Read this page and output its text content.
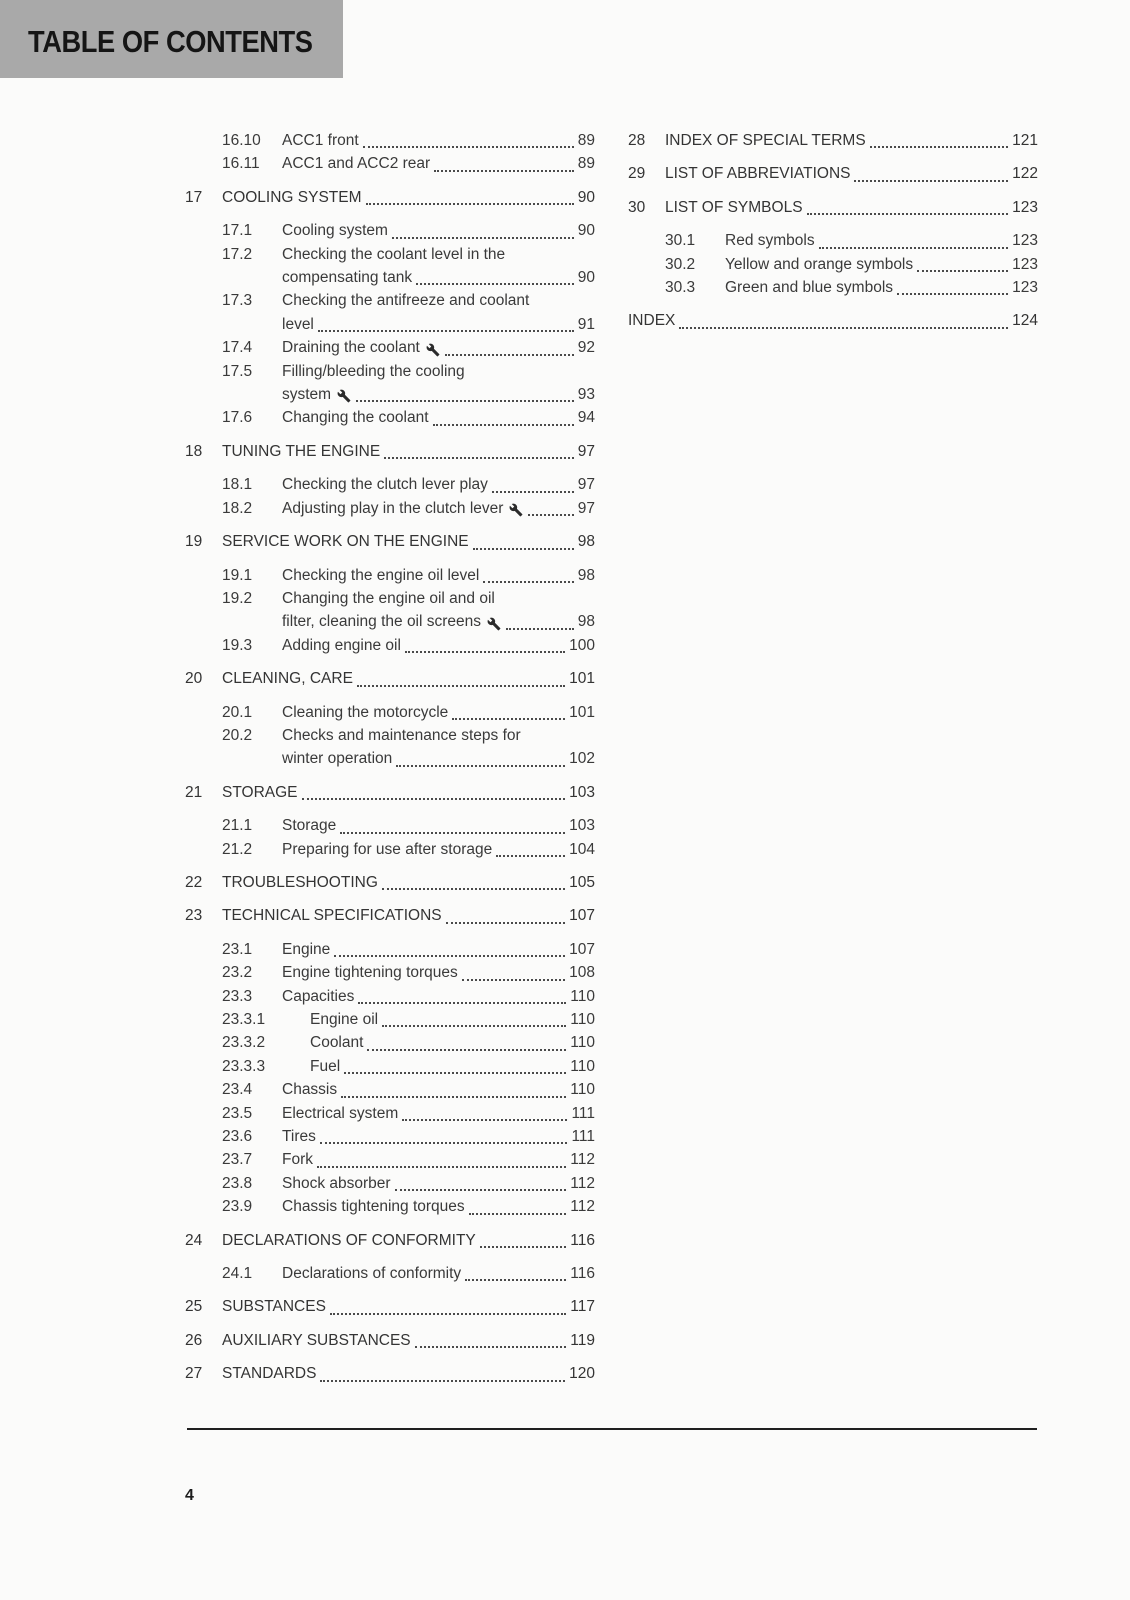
TABLE OF CONTENTS
16.10	ACC1 front	89
16.11	ACC1 and ACC2 rear	89
17	COOLING SYSTEM	90
17.1	Cooling system	90
17.2	Checking the coolant level in the
compensating tank	90
17.3	Checking the antifreeze and coolant
level	91
17.4	Draining the coolant	92
17.5	Filling/bleeding the cooling
system	93
17.6	Changing the coolant	94
18	TUNING THE ENGINE	97
18.1	Checking the clutch lever play	97
18.2	Adjusting play in the clutch lever	97
19	SERVICE WORK ON THE ENGINE	98
19.1	Checking the engine oil level	98
19.2	Changing the engine oil and oil
filter, cleaning the oil screens	98
19.3	Adding engine oil	100
20	CLEANING, CARE	101
20.1	Cleaning the motorcycle	101
20.2	Checks and maintenance steps for
winter operation	102
21	STORAGE	103
21.1	Storage	103
21.2	Preparing for use after storage	104
22	TROUBLESHOOTING	105
23	TECHNICAL SPECIFICATIONS	107
23.1	Engine	107
23.2	Engine tightening torques	108
23.3	Capacities	110
23.3.1	Engine oil	110
23.3.2	Coolant	110
23.3.3	Fuel	110
23.4	Chassis	110
23.5	Electrical system	111
23.6	Tires	111
23.7	Fork	112
23.8	Shock absorber	112
23.9	Chassis tightening torques	112
24	DECLARATIONS OF CONFORMITY	116
24.1	Declarations of conformity	116
25	SUBSTANCES	117
26	AUXILIARY SUBSTANCES	119
27	STANDARDS	120
28	INDEX OF SPECIAL TERMS	121
29	LIST OF ABBREVIATIONS	122
30	LIST OF SYMBOLS	123
30.1	Red symbols	123
30.2	Yellow and orange symbols	123
30.3	Green and blue symbols	123
INDEX	124
4
